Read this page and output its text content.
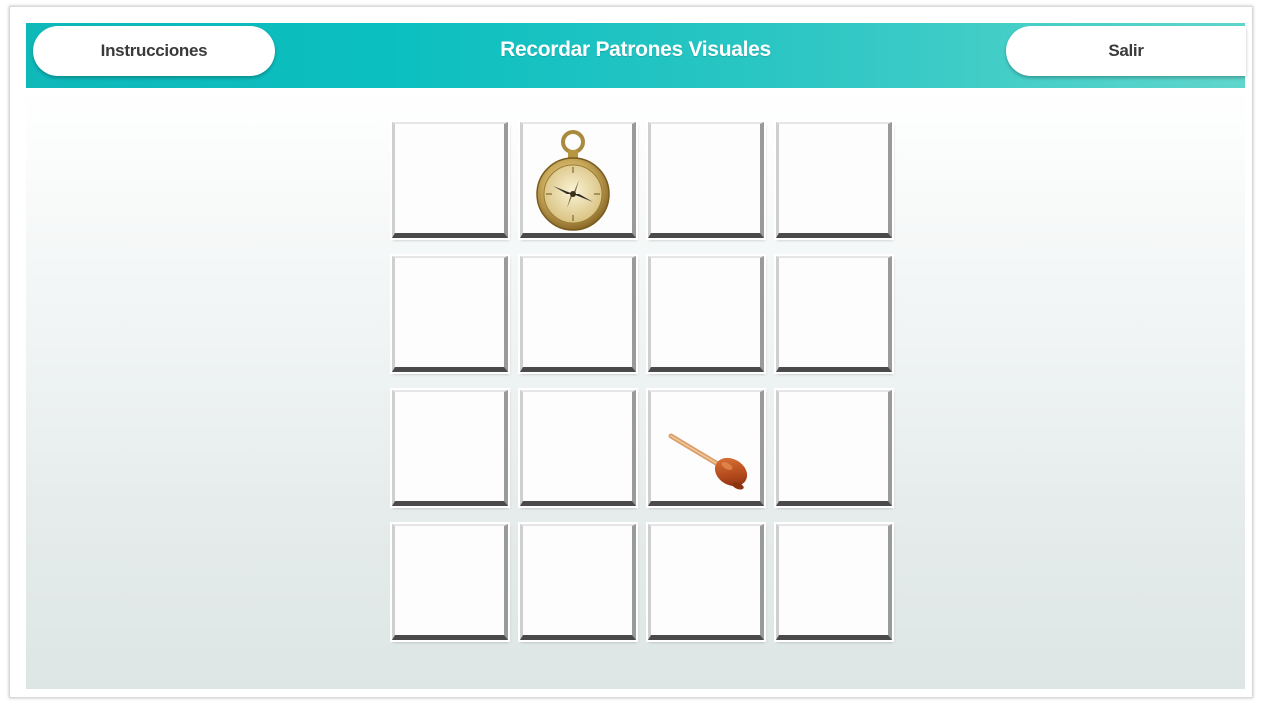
Recordar Patrones Visuales
Instrucciones	Salir
